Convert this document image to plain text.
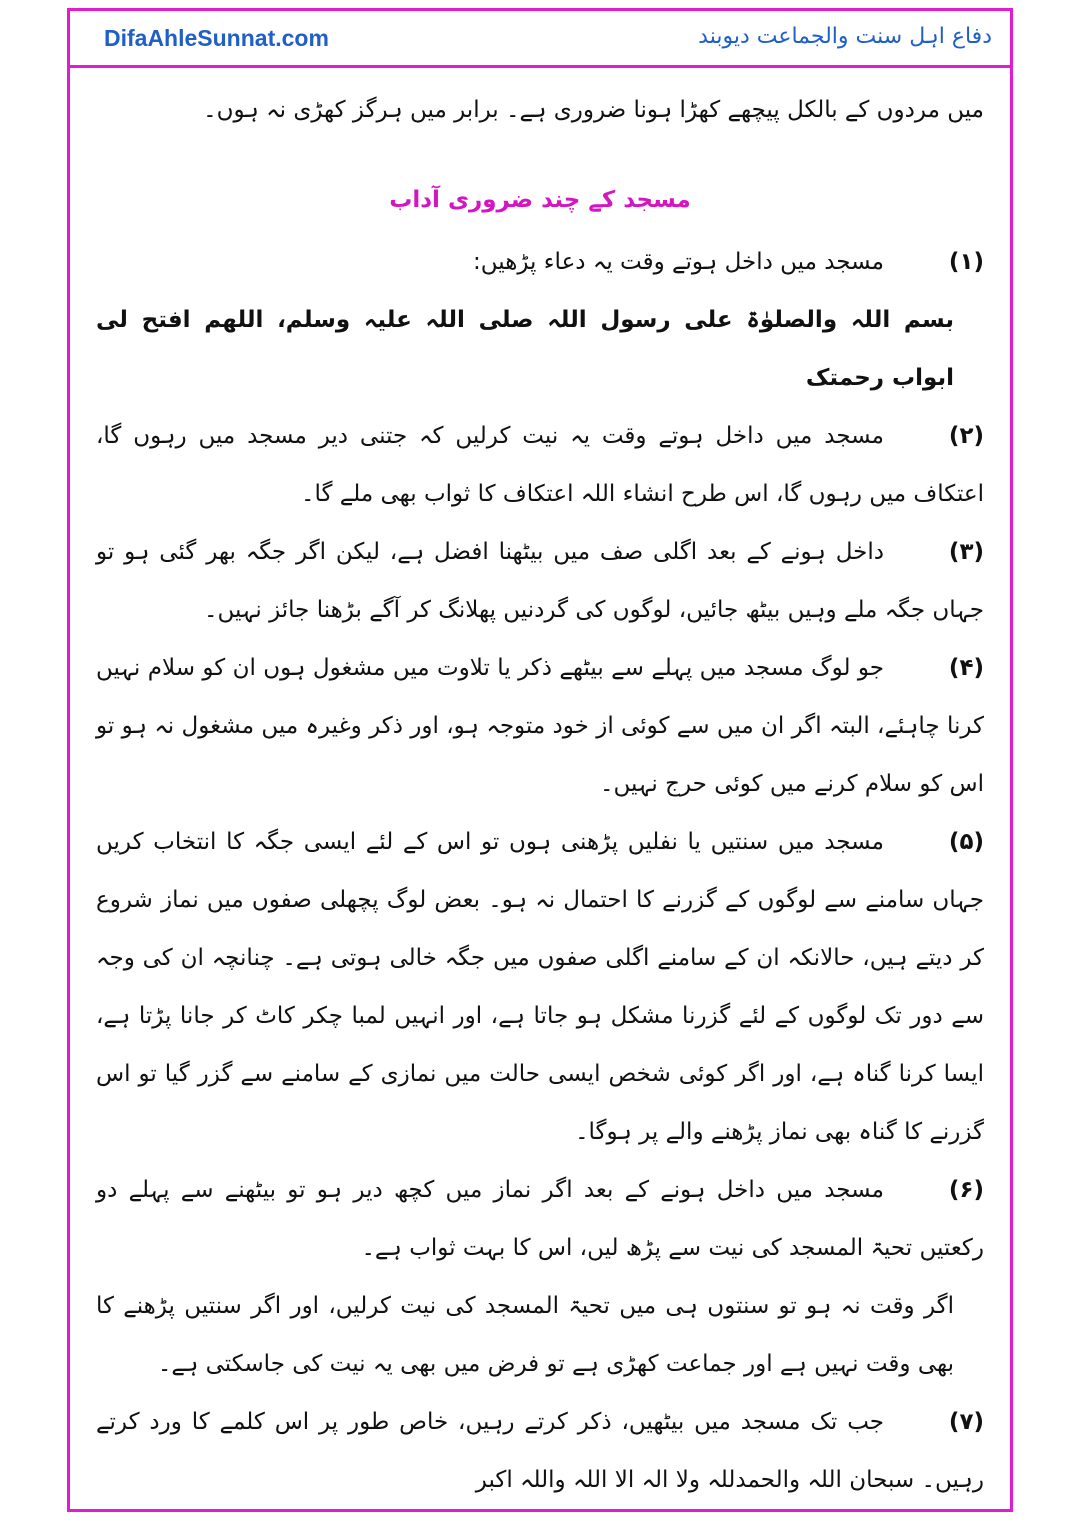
DifaAhleSunnat.com	دفاع اہل سنت والجماعت دیوبند

میں مردوں کے بالکل پیچھے کھڑا ہونا ضروری ہے۔ برابر میں ہرگز کھڑی نہ ہوں۔

مسجد کے چند ضروری آداب

(۱)مسجد میں داخل ہوتے وقت یہ دعاء پڑھیں:

بسم اللہ والصلوٰۃ علی رسول اللہ صلی اللہ علیہ وسلم، اللھم افتح لی ابواب رحمتک

(۲)مسجد میں داخل ہوتے وقت یہ نیت کرلیں کہ جتنی دیر مسجد میں رہوں گا، اعتکاف میں رہوں گا، اس طرح انشاء اللہ اعتکاف کا ثواب بھی ملے گا۔

(۳)داخل ہونے کے بعد اگلی صف میں بیٹھنا افضل ہے، لیکن اگر جگہ بھر گئی ہو تو جہاں جگہ ملے وہیں بیٹھ جائیں، لوگوں کی گردنیں پھلانگ کر آگے بڑھنا جائز نہیں۔

(۴)جو لوگ مسجد میں پہلے سے بیٹھے ذکر یا تلاوت میں مشغول ہوں ان کو سلام نہیں کرنا چاہئے، البتہ اگر ان میں سے کوئی از خود متوجہ ہو، اور ذکر وغیرہ میں مشغول نہ ہو تو اس کو سلام کرنے میں کوئی حرج نہیں۔

(۵)مسجد میں سنتیں یا نفلیں پڑھنی ہوں تو اس کے لئے ایسی جگہ کا انتخاب کریں جہاں سامنے سے لوگوں کے گزرنے کا احتمال نہ ہو۔ بعض لوگ پچھلی صفوں میں نماز شروع کر دیتے ہیں، حالانکہ ان کے سامنے اگلی صفوں میں جگہ خالی ہوتی ہے۔ چنانچہ ان کی وجہ سے دور تک لوگوں کے لئے گزرنا مشکل ہو جاتا ہے، اور انہیں لمبا چکر کاٹ کر جانا پڑتا ہے، ایسا کرنا گناہ ہے، اور اگر کوئی شخص ایسی حالت میں نمازی کے سامنے سے گزر گیا تو اس گزرنے کا گناہ بھی نماز پڑھنے والے پر ہوگا۔

(۶)مسجد میں داخل ہونے کے بعد اگر نماز میں کچھ دیر ہو تو بیٹھنے سے پہلے دو رکعتیں تحیۃ المسجد کی نیت سے پڑھ لیں، اس کا بہت ثواب ہے۔

اگر وقت نہ ہو تو سنتوں ہی میں تحیۃ المسجد کی نیت کرلیں، اور اگر سنتیں پڑھنے کا بھی وقت نہیں ہے اور جماعت کھڑی ہے تو فرض میں بھی یہ نیت کی جاسکتی ہے۔

(۷)جب تک مسجد میں بیٹھیں، ذکر کرتے رہیں، خاص طور پر اس کلمے کا ورد کرتے رہیں۔ سبحان اللہ والحمدللہ ولا الہ الا اللہ واللہ اکبر
